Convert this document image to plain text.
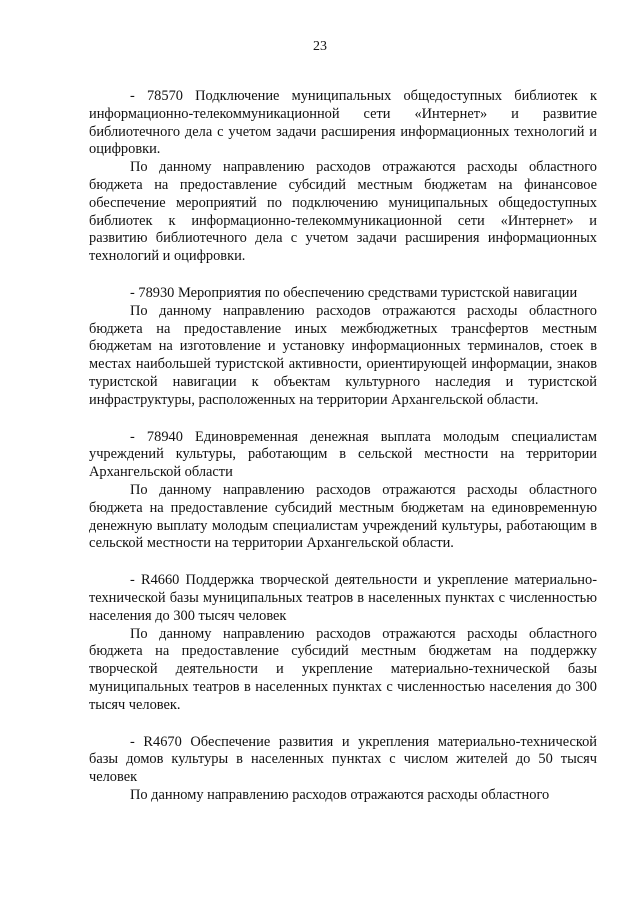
23

- 78570 Подключение муниципальных общедоступных библиотек к информационно-телекоммуникационной сети «Интернет» и развитие библиотечного дела с учетом задачи расширения информационных технологий и оцифровки.

По данному направлению расходов отражаются расходы областного бюджета на предоставление субсидий местным бюджетам на финансовое обеспечение мероприятий по подключению муниципальных общедоступных библиотек к информационно-телекоммуникационной сети «Интернет» и развитию библиотечного дела с учетом задачи расширения информационных технологий и оцифровки.

- 78930 Мероприятия по обеспечению средствами туристской навигации

По данному направлению расходов отражаются расходы областного бюджета на предоставление иных межбюджетных трансфертов местным бюджетам на изготовление и установку информационных терминалов, стоек в местах наибольшей туристской активности, ориентирующей информации, знаков туристской навигации к объектам культурного наследия и туристской инфраструктуры, расположенных на территории Архангельской области.

- 78940 Единовременная денежная выплата молодым специалистам учреждений культуры, работающим в сельской местности на территории Архангельской области

По данному направлению расходов отражаются расходы областного бюджета на предоставление субсидий местным бюджетам на единовременную денежную выплату молодым специалистам учреждений культуры, работающим в сельской местности на территории Архангельской области.

- R4660 Поддержка творческой деятельности и укрепление материально-технической базы муниципальных театров в населенных пунктах с численностью населения до 300 тысяч человек

По данному направлению расходов отражаются расходы областного бюджета на предоставление субсидий местным бюджетам на поддержку творческой деятельности и укрепление материально-технической базы муниципальных театров в населенных пунктах с численностью населения до 300 тысяч человек.

- R4670 Обеспечение развития и укрепления материально-технической базы домов культуры в населенных пунктах с числом жителей до 50 тысяч человек

По данному направлению расходов отражаются расходы областного
